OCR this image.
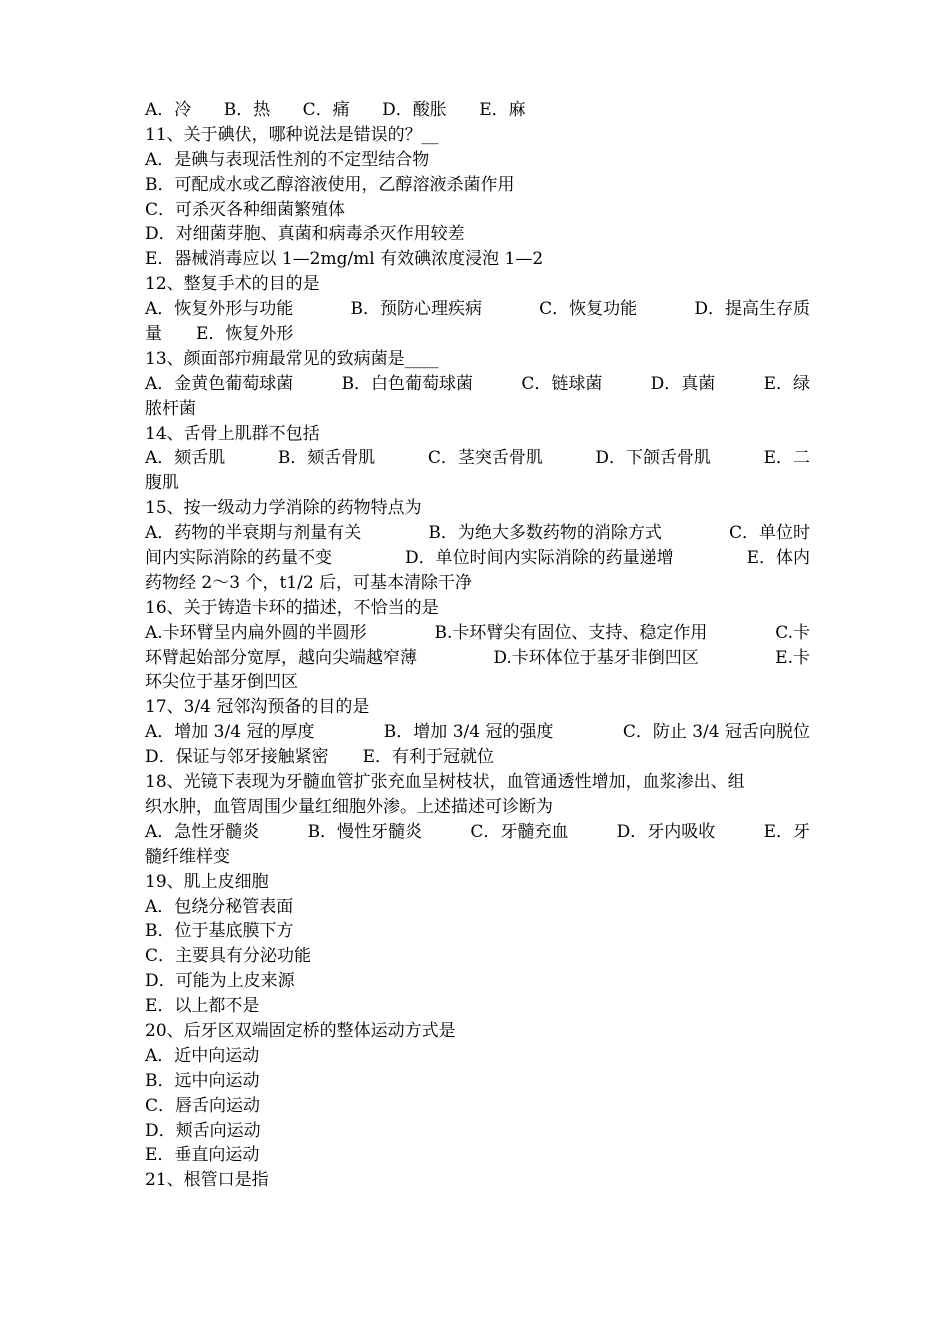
A．冷 B．热 C．痛 D．酸胀 E．麻
11、关于碘伏，哪种说法是错误的？__
A．是碘与表现活性剂的不定型结合物
B．可配成水或乙醇溶液使用，乙醇溶液杀菌作用
C．可杀灭各种细菌繁殖体
D．对细菌芽胞、真菌和病毒杀灭作用较差
E．器械消毒应以 1—2mg/ml 有效碘浓度浸泡 1—2
12、整复手术的目的是
A．恢复外形与功能	B．预防心理疾病	C．恢复功能	D．提高生存质
量　　E．恢复外形
13、颜面部疖痈最常见的致病菌是____
A．金黄色葡萄球菌	B．白色葡萄球菌	C．链球菌	D．真菌	E．绿
脓杆菌
14、舌骨上肌群不包括
A．颏舌肌	B．颏舌骨肌	C．茎突舌骨肌	D．下颌舌骨肌	E．二
腹肌
15、按一级动力学消除的药物特点为
A．药物的半衰期与剂量有关	B．为绝大多数药物的消除方式	C．单位时
间内实际消除的药量不变	D．单位时间内实际消除的药量递增	E．体内
药物经 2～3 个，t1/2 后，可基本清除干净
16、关于铸造卡环的描述，不恰当的是
A.卡环臂呈内扁外圆的半圆形	B.卡环臂尖有固位、支持、稳定作用	C.卡
环臂起始部分宽厚，越向尖端越窄薄	D.卡环体位于基牙非倒凹区	E.卡
环尖位于基牙倒凹区
17、3/4 冠邻沟预备的目的是
A．增加 3/4 冠的厚度	B．增加 3/4 冠的强度	C．防止 3/4 冠舌向脱位
D．保证与邻牙接触紧密　　E．有利于冠就位
18、光镜下表现为牙髓血管扩张充血呈树枝状，血管通透性增加，血浆渗出、组
织水肿，血管周围少量红细胞外渗。上述描述可诊断为
A．急性牙髓炎	B．慢性牙髓炎	C．牙髓充血	D．牙内吸收	E．牙
髓纤维样变
19、肌上皮细胞
A．包绕分秘管表面
B．位于基底膜下方
C．主要具有分泌功能
D．可能为上皮来源
E．以上都不是
20、后牙区双端固定桥的整体运动方式是
A．近中向运动
B．远中向运动
C．唇舌向运动
D．颊舌向运动
E．垂直向运动
21、根管口是指
